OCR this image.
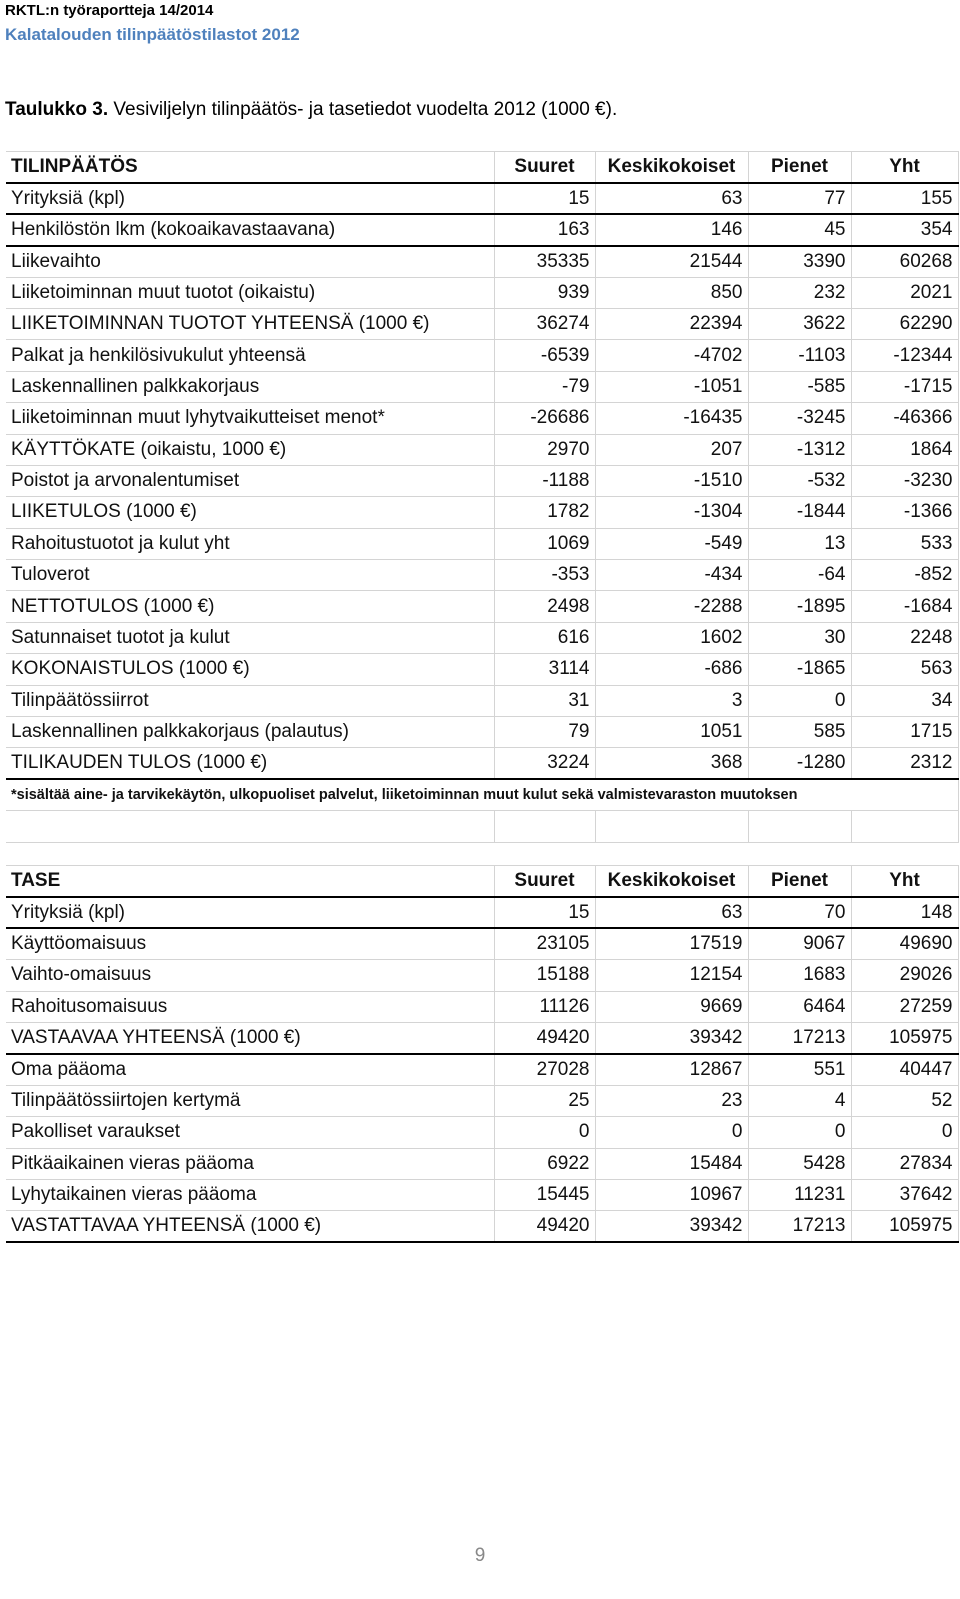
RKTL:n työraportteja 14/2014
Kalatalouden tilinpäätöstilastot 2012
Taulukko 3. Vesiviljelyn tilinpäätös- ja tasetiedot vuodelta 2012 (1000 €).
TILINPÄÄTÖS	Suuret	Keskikokoiset	Pienet	Yht
Yrityksiä (kpl)	15	63	77	155
Henkilöstön lkm (kokoaikavastaavana)	163	146	45	354
Liikevaihto	35335	21544	3390	60268
Liiketoiminnan muut tuotot (oikaistu)	939	850	232	2021
LIIKETOIMINNAN TUOTOT YHTEENSÄ (1000 €)	36274	22394	3622	62290
Palkat ja henkilösivukulut yhteensä	-6539	-4702	-1103	-12344
Laskennallinen palkkakorjaus	-79	-1051	-585	-1715
Liiketoiminnan muut lyhytvaikutteiset menot*	-26686	-16435	-3245	-46366
KÄYTTÖKATE (oikaistu, 1000 €)	2970	207	-1312	1864
Poistot ja arvonalentumiset	-1188	-1510	-532	-3230
LIIKETULOS (1000 €)	1782	-1304	-1844	-1366
Rahoitustuotot ja kulut yht	1069	-549	13	533
Tuloverot	-353	-434	-64	-852
NETTOTULOS (1000 €)	2498	-2288	-1895	-1684
Satunnaiset tuotot ja kulut	616	1602	30	2248
KOKONAISTULOS (1000 €)	3114	-686	-1865	563
Tilinpäätössiirrot	31	3	0	34
Laskennallinen palkkakorjaus (palautus)	79	1051	585	1715
TILIKAUDEN TULOS (1000 €)	3224	368	-1280	2312
*sisältää aine- ja tarvikekäytön, ulkopuoliset palvelut, liiketoiminnan muut kulut sekä valmistevaraston muutoksen				

TASE	Suuret	Keskikokoiset	Pienet	Yht
Yrityksiä (kpl)	15	63	70	148
Käyttöomaisuus	23105	17519	9067	49690
Vaihto-omaisuus	15188	12154	1683	29026
Rahoitusomaisuus	11126	9669	6464	27259
VASTAAVAA YHTEENSÄ (1000 €)	49420	39342	17213	105975
Oma pääoma	27028	12867	551	40447
Tilinpäätössiirtojen kertymä	25	23	4	52
Pakolliset varaukset	0	0	0	0
Pitkäaikainen vieras pääoma	6922	15484	5428	27834
Lyhytaikainen vieras pääoma	15445	10967	11231	37642
VASTATTAVAA YHTEENSÄ (1000 €)	49420	39342	17213	105975
9
